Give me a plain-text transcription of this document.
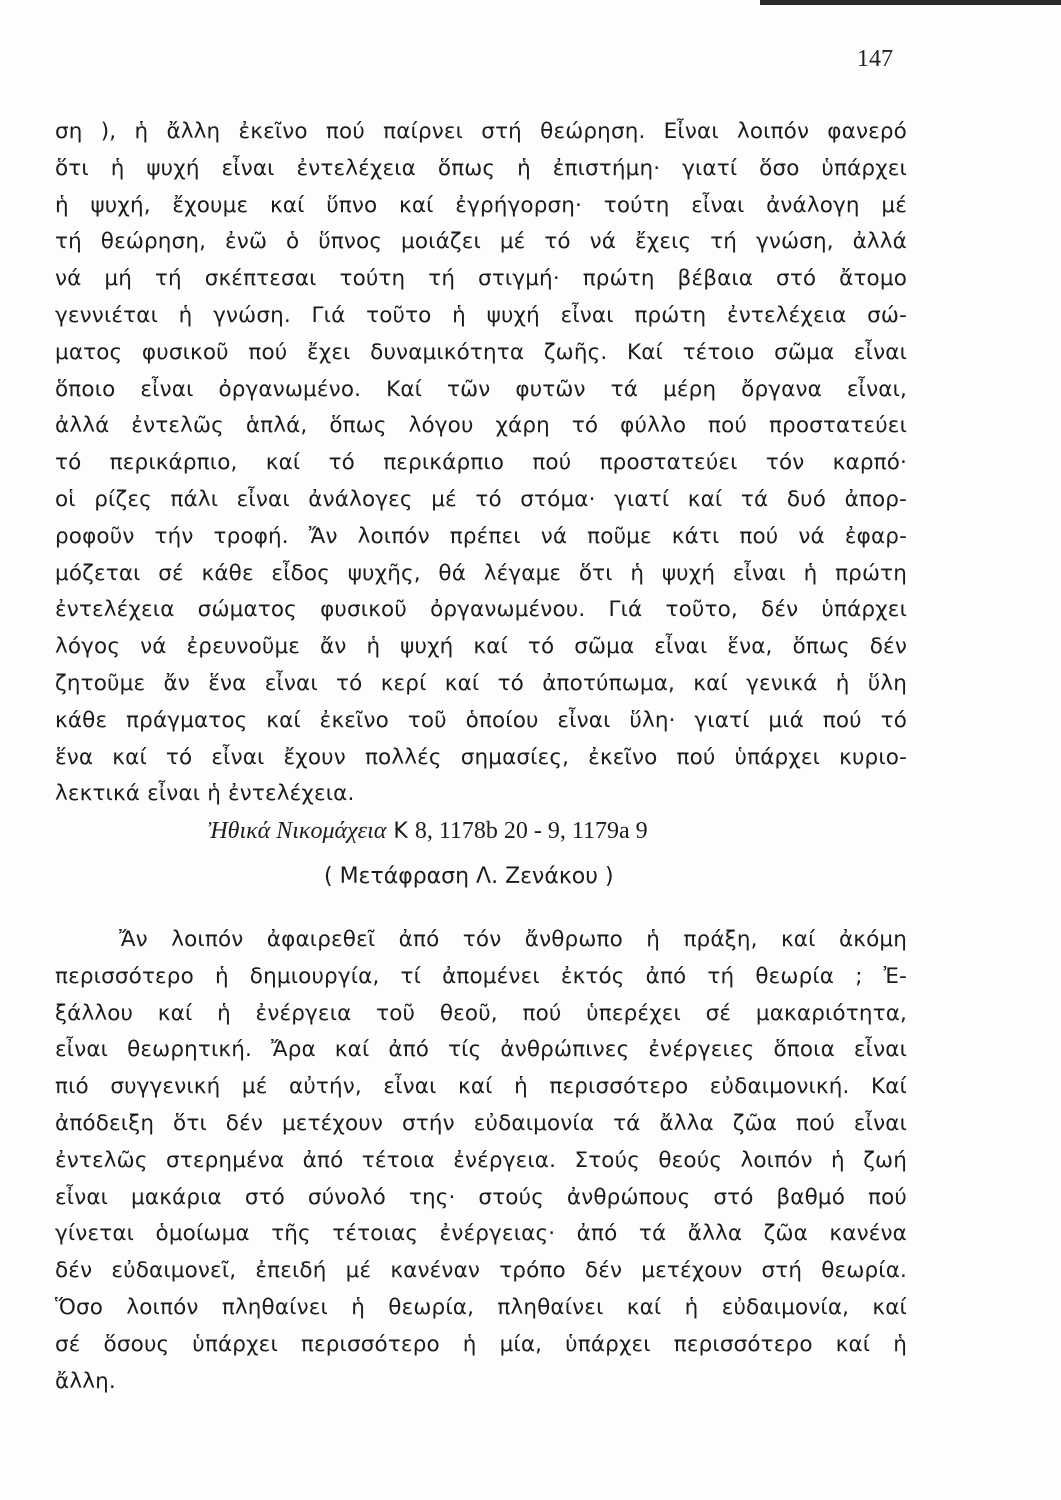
147
ση ), ἡ ἄλλη ἐκεῖνο πού παίρνει στή θεώρηση. Εἶναι λοιπόν φανερό
ὅτι ἡ ψυχή εἶναι ἐντελέχεια ὅπως ἡ ἐπιστήμη· γιατί ὅσο ὑπάρχει
ἡ ψυχή, ἔχουμε καί ὕπνο καί ἐγρήγορση· τούτη εἶναι ἀνάλογη μέ
τή θεώρηση, ἐνῶ ὁ ὕπνος μοιάζει μέ τό νά ἔχεις τή γνώση, ἀλλά
νά μή τή σκέπτεσαι τούτη τή στιγμή· πρώτη βέβαια στό ἄτομο
γεννιέται ἡ γνώση. Γιά τοῦτο ἡ ψυχή εἶναι πρώτη ἐντελέχεια σώ-
ματος φυσικοῦ πού ἔχει δυναμικότητα ζωῆς. Καί τέτοιο σῶμα εἶναι
ὅποιο εἶναι ὀργανωμένο. Καί τῶν φυτῶν τά μέρη ὄργανα εἶναι,
ἀλλά ἐντελῶς ἁπλά, ὅπως λόγου χάρη τό φύλλο πού προστατεύει
τό περικάρπιο, καί τό περικάρπιο πού προστατεύει τόν καρπό·
οἱ ρίζες πάλι εἶναι ἀνάλογες μέ τό στόμα· γιατί καί τά δυό ἀπορ-
ροφοῦν τήν τροφή. Ἄν λοιπόν πρέπει νά ποῦμε κάτι πού νά ἐφαρ-
μόζεται σέ κάθε εἶδος ψυχῆς, θά λέγαμε ὅτι ἡ ψυχή εἶναι ἡ πρώτη
ἐντελέχεια σώματος φυσικοῦ ὀργανωμένου. Γιά τοῦτο, δέν ὑπάρχει
λόγος νά ἐρευνοῦμε ἄν ἡ ψυχή καί τό σῶμα εἶναι ἕνα, ὅπως δέν
ζητοῦμε ἄν ἕνα εἶναι τό κερί καί τό ἀποτύπωμα, καί γενικά ἡ ὕλη
κάθε πράγματος καί ἐκεῖνο τοῦ ὁποίου εἶναι ὕλη· γιατί μιά πού τό
ἕνα καί τό εἶναι ἔχουν πολλές σημασίες, ἐκεῖνο πού ὑπάρχει κυριο-
λεκτικά εἶναι ἡ ἐντελέχεια.
Ἠθικά Νικομάχεια Κ 8, 1178b 20 - 9, 1179a 9
( Μετάφραση Λ. Ζενάκου )
Ἄν λοιπόν ἀφαιρεθεῖ ἀπό τόν ἄνθρωπο ἡ πράξη, καί ἀκόμη
περισσότερο ἡ δημιουργία, τί ἀπομένει ἐκτός ἀπό τή θεωρία ; Ἐ-
ξάλλου καί ἡ ἐνέργεια τοῦ θεοῦ, πού ὑπερέχει σέ μακαριότητα,
εἶναι θεωρητική. Ἄρα καί ἀπό τίς ἀνθρώπινες ἐνέργειες ὅποια εἶναι
πιό συγγενική μέ αὐτήν, εἶναι καί ἡ περισσότερο εὐδαιμονική. Καί
ἀπόδειξη ὅτι δέν μετέχουν στήν εὐδαιμονία τά ἄλλα ζῶα πού εἶναι
ἐντελῶς στερημένα ἀπό τέτοια ἐνέργεια. Στούς θεούς λοιπόν ἡ ζωή
εἶναι μακάρια στό σύνολό της· στούς ἀνθρώπους στό βαθμό πού
γίνεται ὁμοίωμα τῆς τέτοιας ἐνέργειας· ἀπό τά ἄλλα ζῶα κανένα
δέν εὐδαιμονεῖ, ἐπειδή μέ κανέναν τρόπο δέν μετέχουν στή θεωρία.
Ὅσο λοιπόν πληθαίνει ἡ θεωρία, πληθαίνει καί ἡ εὐδαιμονία, καί
σέ ὅσους ὑπάρχει περισσότερο ἡ μία, ὑπάρχει περισσότερο καί ἡ
ἄλλη.
